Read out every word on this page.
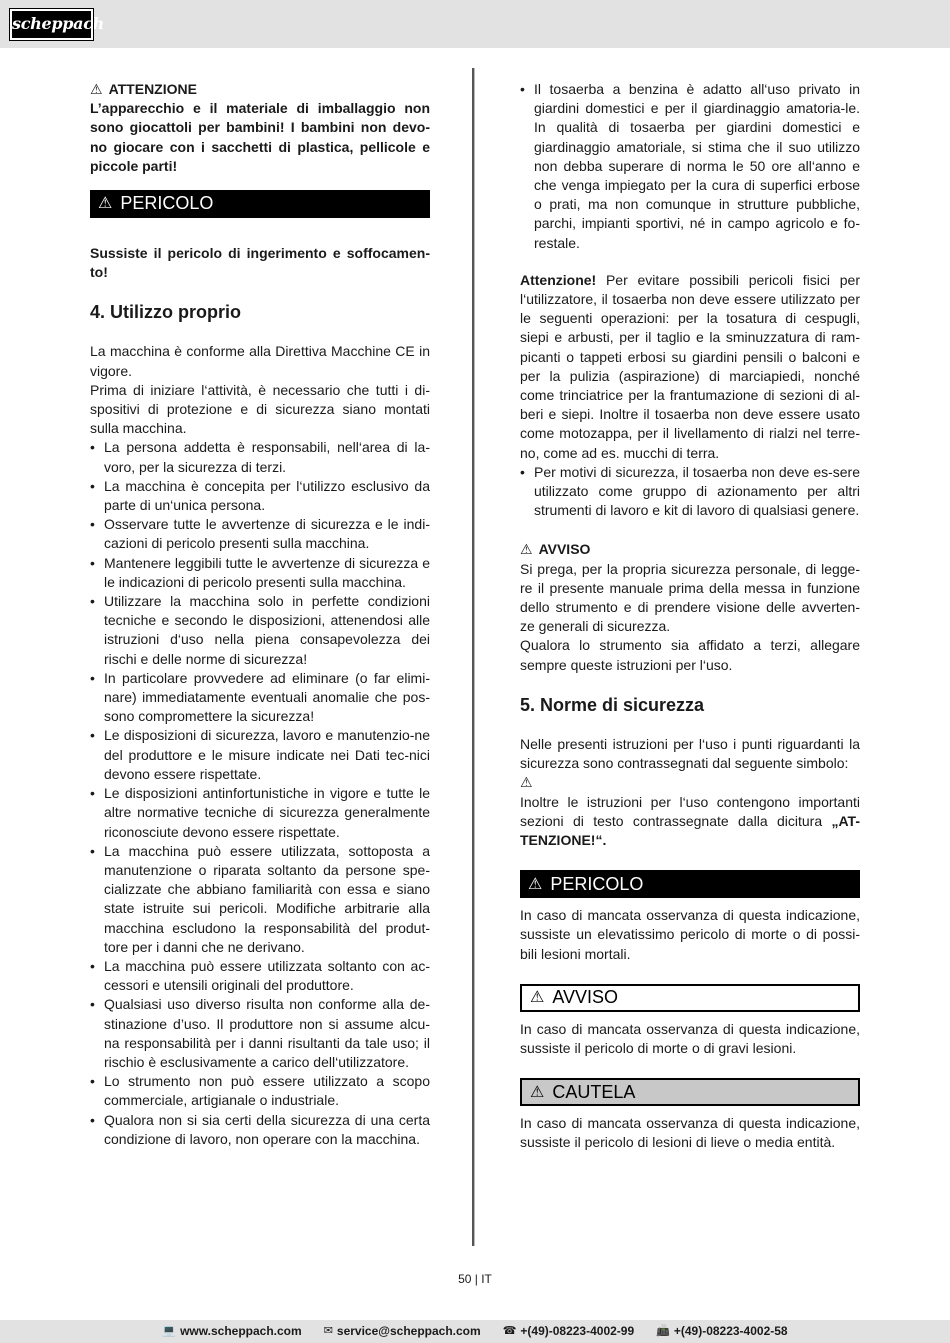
scheppach
⚠ ATTENZIONE

L’apparecchio e il materiale di imballaggio non sono giocattoli per bambini! I bambini non devo-no giocare con i sacchetti di plastica, pellicole e piccole parti!

⚠ PERICOLO

Sussiste il pericolo di ingerimento e soffocamen-to!

4. Utilizzo proprio

La macchina è conforme alla Direttiva Macchine CE in vigore.

Prima di iniziare l‘attività, è necessario che tutti i di-spositivi di protezione e di sicurezza siano montati sulla macchina.

• La persona addetta è responsabili, nell‘area di la-voro, per la sicurezza di terzi.
• La macchina è concepita per l‘utilizzo esclusivo da parte di un‘unica persona.
• Osservare tutte le avvertenze di sicurezza e le indi-cazioni di pericolo presenti sulla macchina.
• Mantenere leggibili tutte le avvertenze di sicurezza e le indicazioni di pericolo presenti sulla macchina.
• Utilizzare la macchina solo in perfette condizioni tecniche e secondo le disposizioni, attenendosi alle istruzioni d‘uso nella piena consapevolezza dei rischi e delle norme di sicurezza!
• In particolare provvedere ad eliminare (o far elimi-nare) immediatamente eventuali anomalie che pos-sono compromettere la sicurezza!
• Le disposizioni di sicurezza, lavoro e manutenzio-ne del produttore e le misure indicate nei Dati tec-nici devono essere rispettate.
• Le disposizioni antinfortunistiche in vigore e tutte le altre normative tecniche di sicurezza generalmente riconosciute devono essere rispettate.
• La macchina può essere utilizzata, sottoposta a manutenzione o riparata soltanto da persone spe-cializzate che abbiano familiarità con essa e siano state istruite sui pericoli. Modifiche arbitrarie alla macchina escludono la responsabilità del produt-tore per i danni che ne derivano.
• La macchina può essere utilizzata soltanto con ac-cessori e utensili originali del produttore.
• Qualsiasi uso diverso risulta non conforme alla de-stinazione d’uso. Il produttore non si assume alcu-na responsabilità per i danni risultanti da tale uso; il rischio è esclusivamente a carico dell‘utilizzatore.
• Lo strumento non può essere utilizzato a scopo commerciale, artigianale o industriale.
• Qualora non si sia certi della sicurezza di una certa condizione di lavoro, non operare con la macchina.
• Il tosaerba a benzina è adatto all‘uso privato in giardini domestici e per il giardinaggio amatoria-le. In qualità di tosaerba per giardini domestici e giardinaggio amatoriale, si stima che il suo utilizzo non debba superare di norma le 50 ore all‘anno e che venga impiegato per la cura di superfici erbose o prati, ma non comunque in strutture pubbliche, parchi, impianti sportivi, né in campo agricolo e fo-restale.

Attenzione! Per evitare possibili pericoli fisici per l‘utilizzatore, il tosaerba non deve essere utilizzato per le seguenti operazioni: per la tosatura di cespugli, siepi e arbusti, per il taglio e la sminuzzatura di ram-picanti o tappeti erbosi su giardini pensili o balconi e per la pulizia (aspirazione) di marciapiedi, nonché come trinciatrice per la frantumazione di sezioni di al-beri e siepi. Inoltre il tosaerba non deve essere usato come motozappa, per il livellamento di rialzi nel terre-no, come ad es. mucchi di terra.

• Per motivi di sicurezza, il tosaerba non deve es-sere utilizzato come gruppo di azionamento per altri strumenti di lavoro e kit di lavoro di qualsiasi genere.
⚠ AVVISO

Si prega, per la propria sicurezza personale, di legge-re il presente manuale prima della messa in funzione dello strumento e di prendere visione delle avverten-ze generali di sicurezza.

Qualora lo strumento sia affidato a terzi, allegare sempre queste istruzioni per l‘uso.

5. Norme di sicurezza

Nelle presenti istruzioni per l‘uso i punti riguardanti la sicurezza sono contrassegnati dal seguente simbolo:

⚠

Inoltre le istruzioni per l‘uso contengono importanti sezioni di testo contrassegnate dalla dicitura „AT-TENZIONE!“.

⚠ PERICOLO

In caso di mancata osservanza di questa indicazione, sussiste un elevatissimo pericolo di morte o di possi-bili lesioni mortali.

⚠ AVVISO

In caso di mancata osservanza di questa indicazione, sussiste il pericolo di morte o di gravi lesioni.

⚠ CAUTELA

In caso di mancata osservanza di questa indicazione, sussiste il pericolo di lesioni di lieve o media entità.

50 | IT
💻 www.scheppach.com ✉ service@scheppach.com ☎ +(49)-08223-4002-99 📠 +(49)-08223-4002-58
